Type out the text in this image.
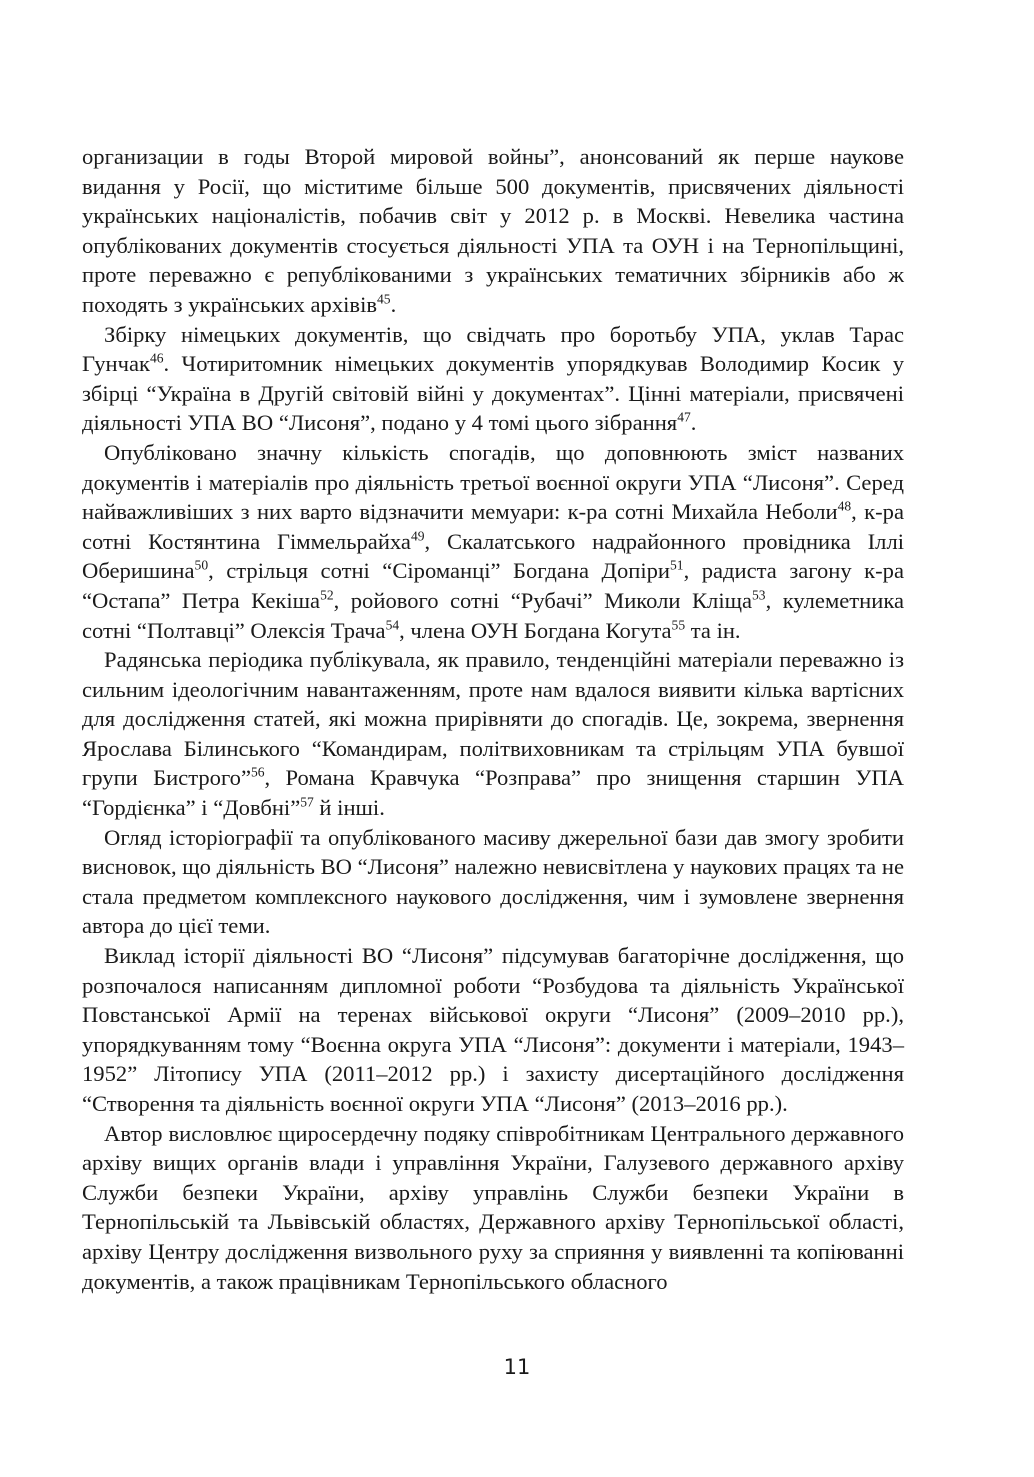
организации в годы Второй мировой войны”, анонсований як перше наукове видання у Росії, що міститиме більше 500 документів, присвячених діяльності українських націоналістів, побачив світ у 2012 р. в Москві. Невелика частина опублікованих документів стосується діяльності УПА та ОУН і на Тернопільщині, проте переважно є републікованими з українських тематичних збірників або ж походять з українських архівів$^{45}$.

Збірку німецьких документів, що свідчать про боротьбу УПА, уклав Тарас Гунчак$^{46}$. Чотиритомник німецьких документів упорядкував Володимир Косик у збірці “Україна в Другій світовій війні у документах”. Цінні матеріали, присвячені діяльності УПА ВО “Лисоня”, подано у 4 томі цього зібрання$^{47}$.

Опубліковано значну кількість спогадів, що доповнюють зміст названих документів і матеріалів про діяльність третьої воєнної округи УПА “Лисоня”. Серед найважливіших з них варто відзначити мемуари: к-ра сотні Михайла Неболи$^{48}$, к-ра сотні Костянтина Гіммельрайха$^{49}$, Скалатського надрайонного провідника Іллі Оберишина$^{50}$, стрільця сотні “Сіроманці” Богдана Допіри$^{51}$, радиста загону к-ра “Остапа” Петра Кекіша$^{52}$, ройового сотні “Рубачі” Миколи Кліща$^{53}$, кулеметника сотні “Полтавці” Олексія Трача$^{54}$, члена ОУН Богдана Когута$^{55}$ та ін.

Радянська періодика публікувала, як правило, тенденційні матеріали переважно із сильним ідеологічним навантаженням, проте нам вдалося виявити кілька вартісних для дослідження статей, які можна прирівняти до спогадів. Це, зокрема, звернення Ярослава Білинського “Командирам, політвиховникам та стрільцям УПА бувшої групи Бистрого”$^{56}$, Романа Кравчука “Розправа” про знищення старшин УПА “Гордієнка” і “Довбні”$^{57}$ й інші.

Огляд історіографії та опублікованого масиву джерельної бази дав змогу зробити висновок, що діяльність ВО “Лисоня” належно невисвітлена у наукових працях та не стала предметом комплексного наукового дослідження, чим і зумовлене звернення автора до цієї теми.

Виклад історії діяльності ВО “Лисоня” підсумував багаторічне дослідження, що розпочалося написанням дипломної роботи “Розбудова та діяльність Української Повстанської Армії на теренах військової округи “Лисоня” (2009–2010 рр.), упорядкуванням тому “Воєнна округа УПА “Лисоня”: документи і матеріали, 1943–1952” Літопису УПА (2011–2012 рр.) і захисту дисертаційного дослідження “Створення та діяльність воєнної округи УПА “Лисоня” (2013–2016 рр.).

Автор висловлює щиросердечну подяку співробітникам Центрального державного архіву вищих органів влади і управління України, Галузевого державного архіву Служби безпеки України, архіву управлінь Служби безпеки України в Тернопільській та Львівській областях, Державного архіву Тернопільської області, архіву Центру дослідження визвольного руху за сприяння у виявленні та копіюванні документів, а також працівникам Тернопільського обласного

11
